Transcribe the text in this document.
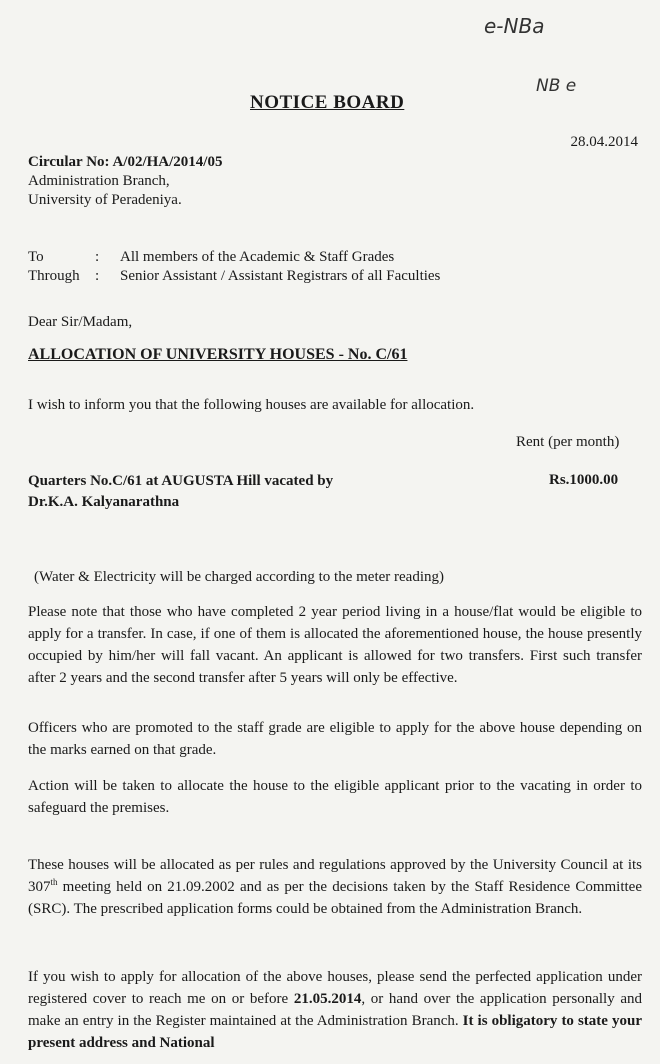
e-NBa
NB e
NOTICE BOARD
28.04.2014
Circular No: A/02/HA/2014/05
Administration Branch,
University of Peradeniya.
To	: All members of the Academic & Staff Grades
Through : Senior Assistant / Assistant Registrars of all Faculties
Dear Sir/Madam,
ALLOCATION OF UNIVERSITY HOUSES - No. C/61
I wish to inform you that the following houses are available for allocation.
Rent (per month)
Quarters No.C/61 at AUGUSTA Hill vacated by
Dr.K.A. Kalyanarathna
Rs.1000.00
(Water & Electricity will be charged according to the meter reading)
Please note that those who have completed 2 year period living in a house/flat would be eligible to apply for a transfer. In case, if one of them is allocated the aforementioned house, the house presently occupied by him/her will fall vacant. An applicant is allowed for two transfers. First such transfer after 2 years and the second transfer after 5 years will only be effective.
Officers who are promoted to the staff grade are eligible to apply for the above house depending on the marks earned on that grade.
Action will be taken to allocate the house to the eligible applicant prior to the vacating in order to safeguard the premises.
These houses will be allocated as per rules and regulations approved by the University Council at its 307th meeting held on 21.09.2002 and as per the decisions taken by the Staff Residence Committee (SRC). The prescribed application forms could be obtained from the Administration Branch.
If you wish to apply for allocation of the above houses, please send the perfected application under registered cover to reach me on or before 21.05.2014, or hand over the application personally and make an entry in the Register maintained at the Administration Branch. It is obligatory to state your present address and National
